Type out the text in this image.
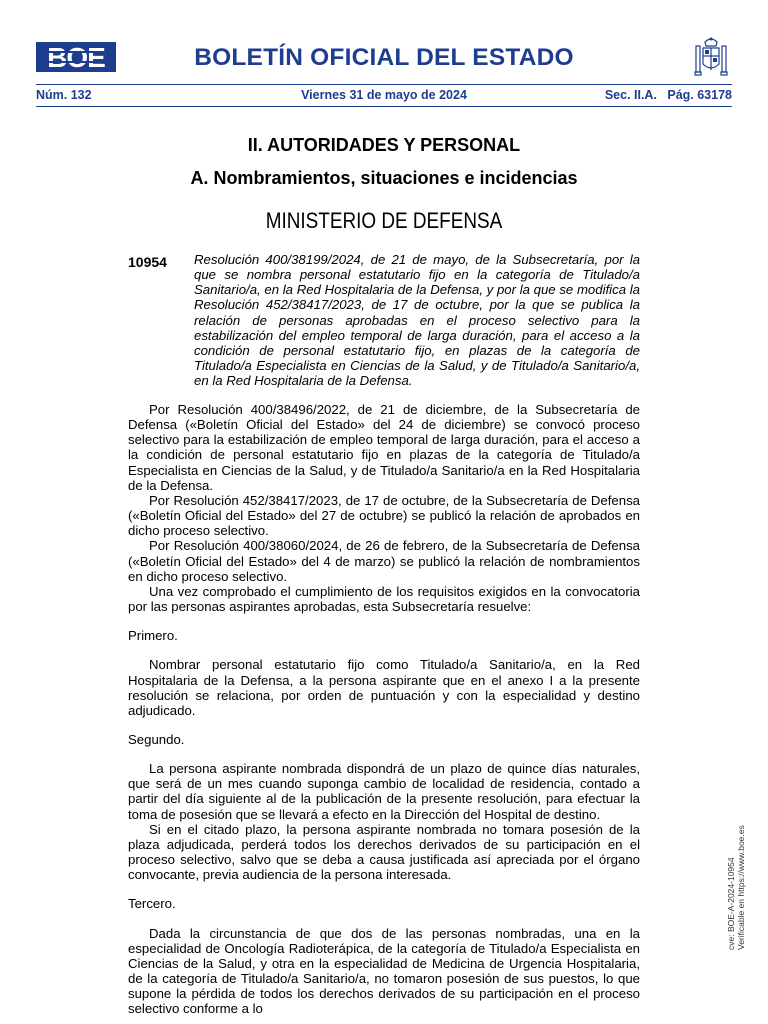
BOE	BOLETÍN OFICIAL DEL ESTADO
Núm. 132	Viernes 31 de mayo de 2024	Sec. II.A. Pág. 63178
II. AUTORIDADES Y PERSONAL
A. Nombramientos, situaciones e incidencias
MINISTERIO DE DEFENSA
10954 Resolución 400/38199/2024, de 21 de mayo, de la Subsecretaría, por la que se nombra personal estatutario fijo en la categoría de Titulado/a Sanitario/a, en la Red Hospitalaria de la Defensa, y por la que se modifica la Resolución 452/38417/2023, de 17 de octubre, por la que se publica la relación de personas aprobadas en el proceso selectivo para la estabilización del empleo temporal de larga duración, para el acceso a la condición de personal estatutario fijo, en plazas de la categoría de Titulado/a Especialista en Ciencias de la Salud, y de Titulado/a Sanitario/a, en la Red Hospitalaria de la Defensa.

Por Resolución 400/38496/2022, de 21 de diciembre, de la Subsecretaría de Defensa («Boletín Oficial del Estado» del 24 de diciembre) se convocó proceso selectivo para la estabilización de empleo temporal de larga duración, para el acceso a la condición de personal estatutario fijo en plazas de la categoría de Titulado/a Especialista en Ciencias de la Salud, y de Titulado/a Sanitario/a en la Red Hospitalaria de la Defensa.

Por Resolución 452/38417/2023, de 17 de octubre, de la Subsecretaría de Defensa («Boletín Oficial del Estado» del 27 de octubre) se publicó la relación de aprobados en dicho proceso selectivo.

Por Resolución 400/38060/2024, de 26 de febrero, de la Subsecretaría de Defensa («Boletín Oficial del Estado» del 4 de marzo) se publicó la relación de nombramientos en dicho proceso selectivo.

Una vez comprobado el cumplimiento de los requisitos exigidos en la convocatoria por las personas aspirantes aprobadas, esta Subsecretaría resuelve:

Primero.

Nombrar personal estatutario fijo como Titulado/a Sanitario/a, en la Red Hospitalaria de la Defensa, a la persona aspirante que en el anexo I a la presente resolución se relaciona, por orden de puntuación y con la especialidad y destino adjudicado.

Segundo.

La persona aspirante nombrada dispondrá de un plazo de quince días naturales, que será de un mes cuando suponga cambio de localidad de residencia, contado a partir del día siguiente al de la publicación de la presente resolución, para efectuar la toma de posesión que se llevará a efecto en la Dirección del Hospital de destino.

Si en el citado plazo, la persona aspirante nombrada no tomara posesión de la plaza adjudicada, perderá todos los derechos derivados de su participación en el proceso selectivo, salvo que se deba a causa justificada así apreciada por el órgano convocante, previa audiencia de la persona interesada.

Tercero.

Dada la circunstancia de que dos de las personas nombradas, una en la especialidad de Oncología Radioterápica, de la categoría de Titulado/a Especialista en Ciencias de la Salud, y otra en la especialidad de Medicina de Urgencia Hospitalaria, de la categoría de Titulado/a Sanitario/a, no tomaron posesión de sus puestos, lo que supone la pérdida de todos los derechos derivados de su participación en el proceso selectivo conforme a lo

cve: BOE-A-2024-10954 Verificable en https://www.boe.es
